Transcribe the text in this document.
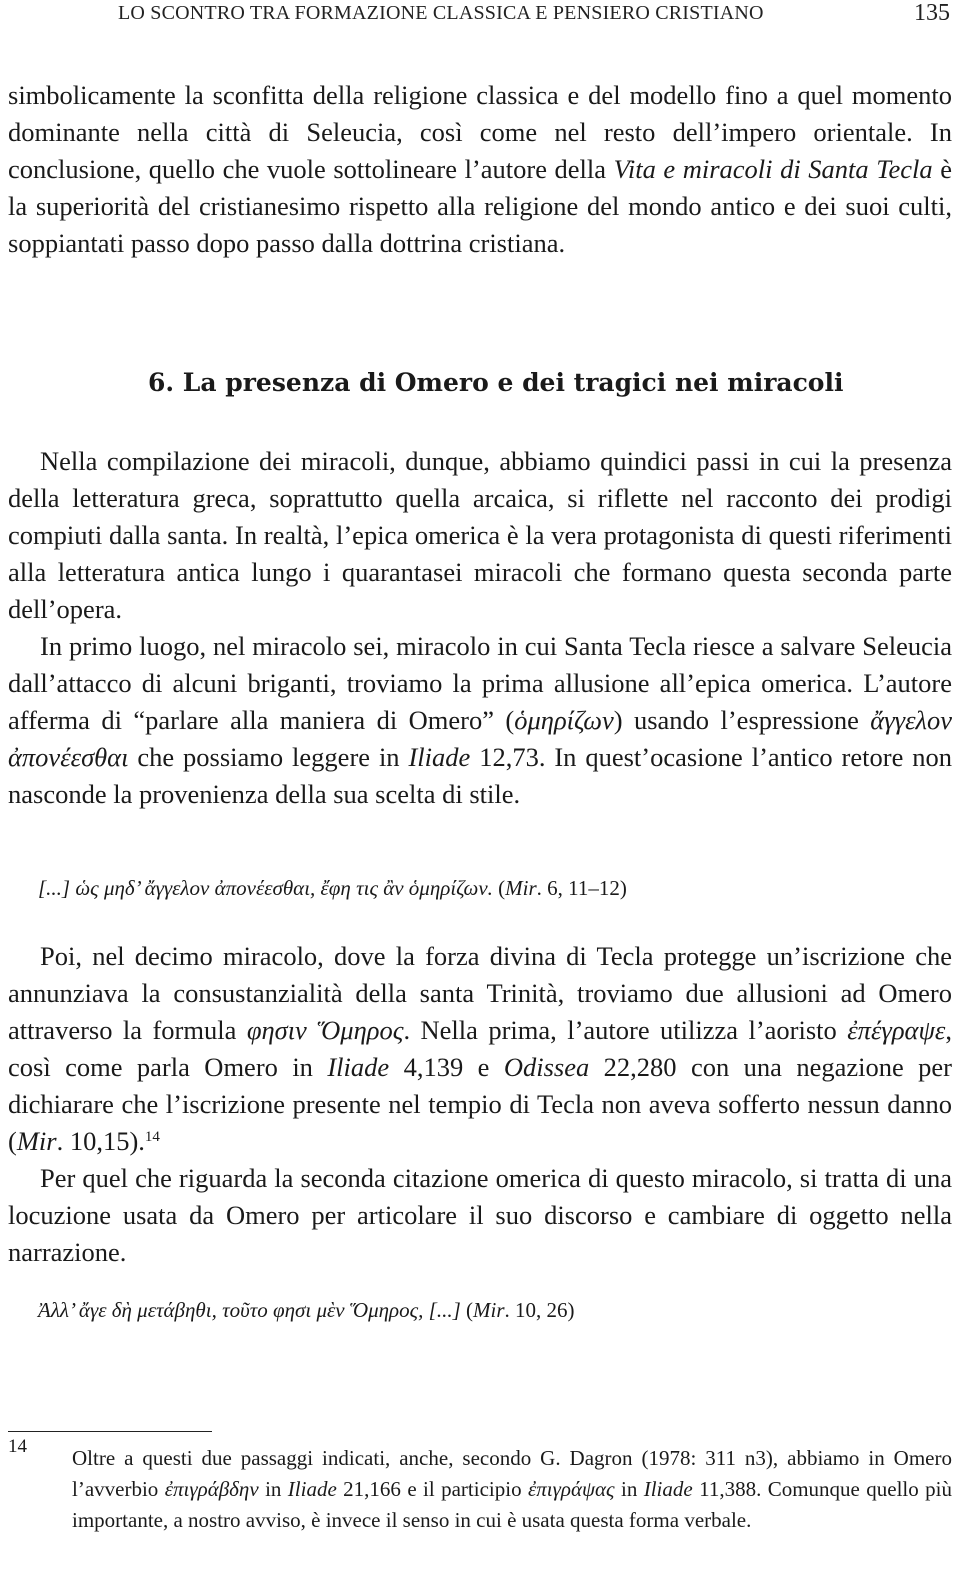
LO SCONTRO TRA FORMAZIONE CLASSICA E PENSIERO CRISTIANO	135

simbolicamente la sconfitta della religione classica e del modello fino a quel momento dominante nella città di Seleucia, così come nel resto dell’impero orientale. In conclusione, quello che vuole sottolineare l’autore della Vita e miracoli di Santa Tecla è la superiorità del cristianesimo rispetto alla religione del mondo antico e dei suoi culti, soppiantati passo dopo passo dalla dottrina cristiana.

6. La presenza di Omero e dei tragici nei miracoli

Nella compilazione dei miracoli, dunque, abbiamo quindici passi in cui la presenza della letteratura greca, soprattutto quella arcaica, si riflette nel racconto dei prodigi compiuti dalla santa. In realtà, l’epica omerica è la vera protagonista di questi riferimenti alla letteratura antica lungo i quarantasei miracoli che formano questa seconda parte dell’opera.

In primo luogo, nel miracolo sei, miracolo in cui Santa Tecla riesce a salvare Seleucia dall’attacco di alcuni briganti, troviamo la prima allusione all’epica omerica. L’autore afferma di “parlare alla maniera di Omero” (ὁμηρίζων) usando l’espressione ἄγγελον ἀπονέεσθαι che possiamo leggere in Iliade 12,73. In quest’ocasione l’antico retore non nasconde la provenienza della sua scelta di stile.

[...] ὡς μηδ’ ἄγγελον ἀπονέεσθαι, ἔφη τις ἂν ὁμηρίζων. (Mir. 6, 11–12)

Poi, nel decimo miracolo, dove la forza divina di Tecla protegge un’iscrizione che annunziava la consustanzialità della santa Trinità, troviamo due allusioni ad Omero attraverso la formula φησιν Ὅμηρος. Nella prima, l’autore utilizza l’aoristo ἐπέγραψε, così come parla Omero in Iliade 4,139 e Odissea 22,280 con una negazione per dichiarare che l’iscrizione presente nel tempio di Tecla non aveva sofferto nessun danno (Mir. 10,15).$^{14}$

Per quel che riguarda la seconda citazione omerica di questo miracolo, si tratta di una locuzione usata da Omero per articolare il suo discorso e cambiare di oggetto nella narrazione.

Ἀλλ’ ἄγε δὴ μετάβηθι, τοῦτο φησι μὲν Ὅμηρος, [...] (Mir. 10, 26)
14 Oltre a questi due passaggi indicati, anche, secondo G. Dagron (1978: 311 n3), abbiamo in Omero l’avverbio ἐπιγράβδην in Iliade 21,166 e il participio ἐπιγράψας in Iliade 11,388. Comunque quello più importante, a nostro avviso, è invece il senso in cui è usata questa forma verbale.
